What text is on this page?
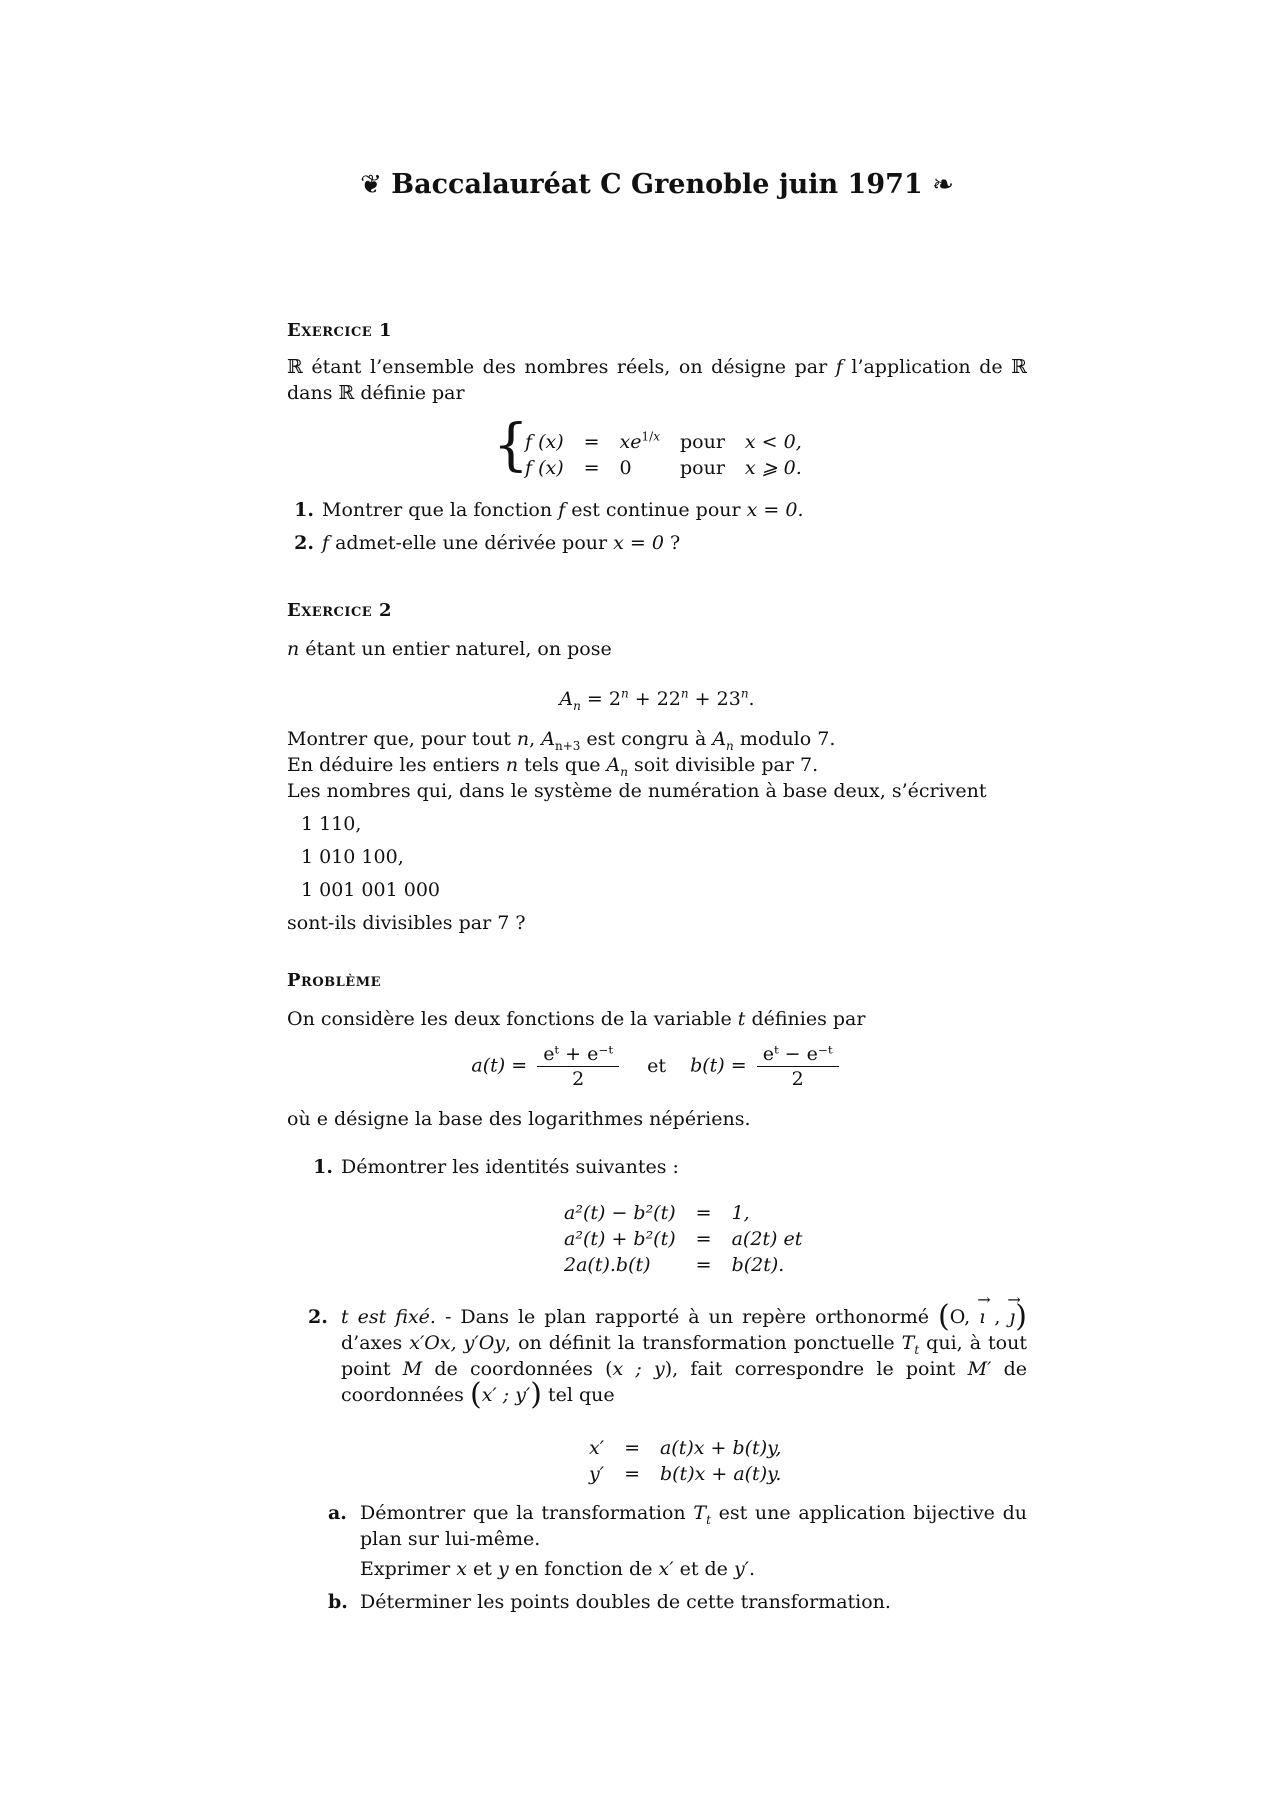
❦ Baccalauréat C Grenoble juin 1971 ❧
Exercice 1
ℝ étant l’ensemble des nombres réels, on désigne par f l’application de ℝ dans ℝ définie par
{
f (x)	=	$xe^{1/x}$	pour	x < 0,
f (x)	=	0	pour	x ⩾ 0.
1. Montrer que la fonction f est continue pour x = 0.
2. f admet-elle une dérivée pour x = 0 ?
Exercice 2
n étant un entier naturel, on pose
$A_n = 2^n + 22^n + 23^n$.
Montrer que, pour tout n, $A_{n+3}$ est congru à $A_n$ modulo 7.
En déduire les entiers n tels que $A_n$ soit divisible par 7.
Les nombres qui, dans le système de numération à base deux, s’écrivent
1 110,
1 010 100,
1 001 001 000
sont-ils divisibles par 7 ?
Problème
On considère les deux fonctions de la variable t définies par
$a(t) = \frac{\text{eᵗ + e⁻ᵗ}}{2}$ et $b(t) = \frac{\text{eᵗ − e⁻ᵗ}}{2}$
où e désigne la base des logarithmes népériens.
1. Démontrer les identités suivantes :
a²(t) − b²(t)	=	1,
a²(t) + b²(t)	=	a(2t) et
2a(t).b(t)	=	b(2t).
2. t est fixé. - Dans le plan rapporté à un repère orthonormé (O, → ı , → ȷ) d’axes x′Ox, y′Oy, on définit la transformation ponctuelle $T_t$ qui, à tout point M de coordonnées (x ; y), fait correspondre le point M′ de coordonnées (x′ ; y′) tel que
x′	=	a(t)x + b(t)y,
y′	=	b(t)x + a(t)y.
a. Démontrer que la transformation $T_t$ est une application bijective du plan sur lui-même.
Exprimer x et y en fonction de x′ et de y′.
b. Déterminer les points doubles de cette transformation.
